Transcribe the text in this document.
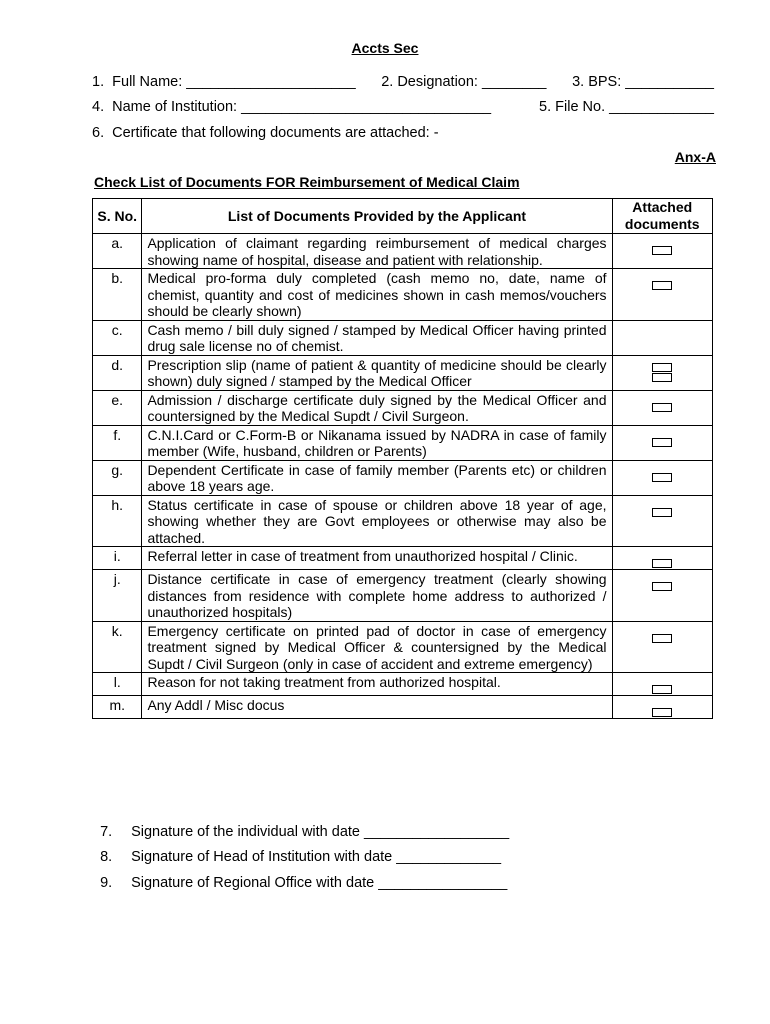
Accts Sec
1.  Full Name: _____________________ 2. Designation: ________ 3. BPS: ___________
4.  Name of Institution: _______________________________	5. File No. _____________
6.  Certificate that following documents are attached: -
Anx-A
Check List of Documents FOR Reimbursement of Medical Claim
S. No.	List of Documents Provided by the Applicant	Attached
documents

a.	Application of claimant regarding reimbursement of medical charges showing name of hospital, disease and patient with relationship.	

b.	Medical pro-forma duly completed (cash memo no, date, name of chemist, quantity and cost of medicines shown in cash memos/vouchers should be clearly shown)	

c.	Cash memo / bill duly signed / stamped by Medical Officer having printed drug sale license no of chemist.	
d.	Prescription slip (name of patient & quantity of medicine should be clearly shown) duly signed / stamped by the Medical Officer	

e.	Admission / discharge certificate duly signed by the Medical Officer and countersigned by the Medical Supdt / Civil Surgeon.	

f.	C.N.I.Card or C.Form-B or Nikanama issued by NADRA in case of family member (Wife, husband, children or Parents)	

g.	Dependent Certificate in case of family member (Parents etc) or children above 18 years age.	

h.	Status certificate in case of spouse or children above 18 year of age, showing whether they are Govt employees or otherwise may also be attached.	

i.	Referral letter in case of treatment from unauthorized hospital / Clinic.	

j.	Distance certificate in case of emergency treatment (clearly showing distances from residence with complete home address to authorized / unauthorized hospitals)	

k.	Emergency certificate on printed pad of doctor in case of emergency treatment signed by Medical Officer & countersigned by the Medical Supdt / Civil Surgeon (only in case of accident and extreme emergency)	

l.	Reason for not taking treatment from authorized hospital.	

m.	Any Addl / Misc docus	

7. Signature of the individual with date __________________

8. Signature of Head of Institution with date _____________

9. Signature of Regional Office with date ________________
